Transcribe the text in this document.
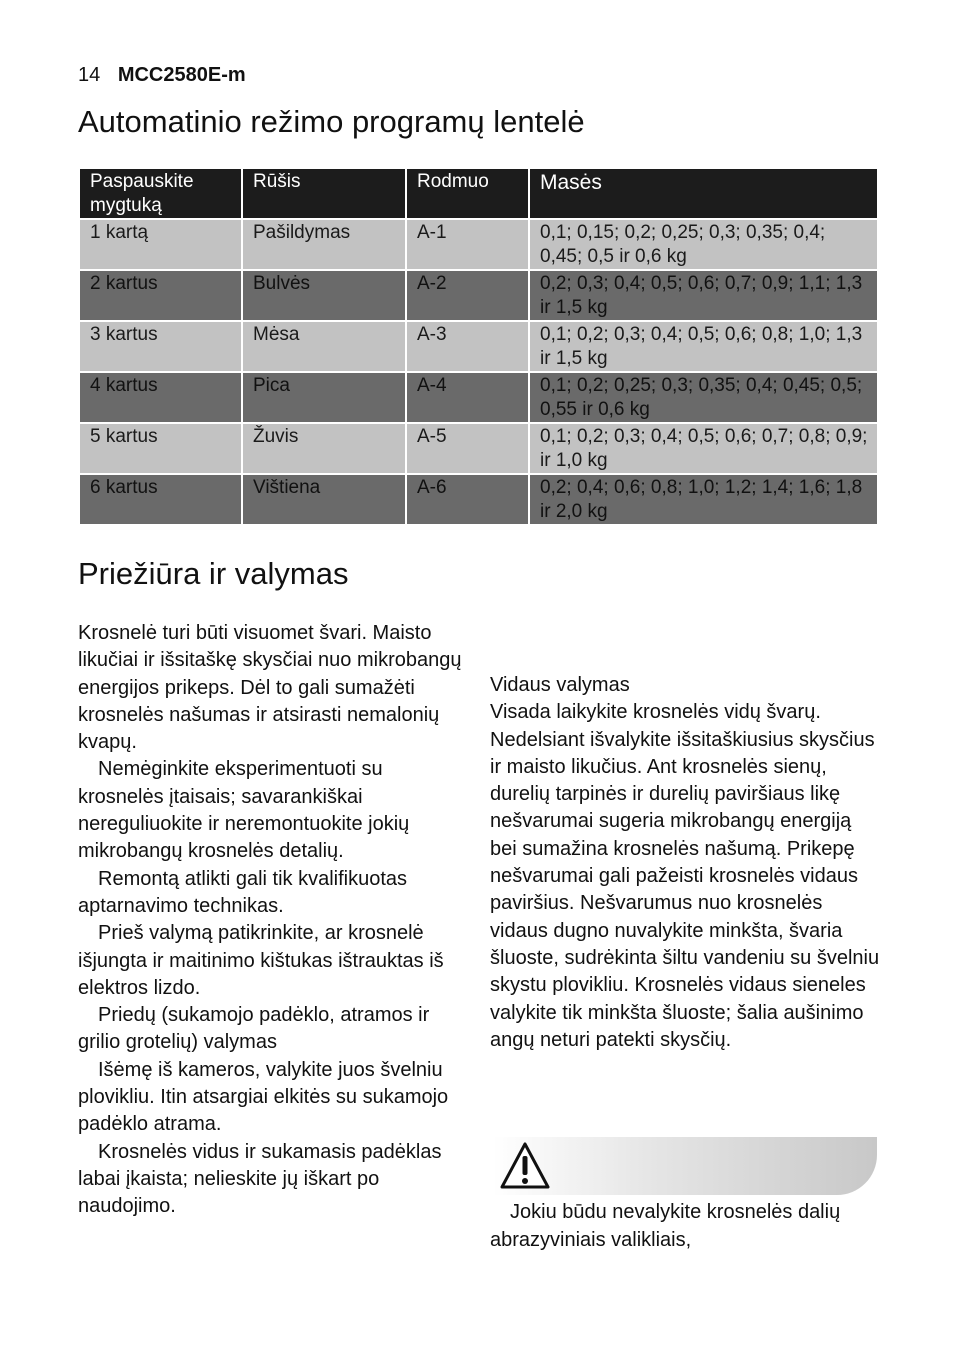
14 MCC2580E-m
Automatinio režimo programų lentelė
Paspauskite mygtuką	Rūšis	Rodmuo	Masės
1 kartą	Pašildymas	A-1	0,1; 0,15; 0,2; 0,25; 0,3; 0,35; 0,4; 0,45; 0,5 ir 0,6 kg
2 kartus	Bulvės	A-2	0,2; 0,3; 0,4; 0,5; 0,6; 0,7; 0,9; 1,1; 1,3 ir 1,5 kg
3 kartus	Mėsa	A-3	0,1; 0,2; 0,3; 0,4; 0,5; 0,6; 0,8; 1,0; 1,3 ir 1,5 kg
4 kartus	Pica	A-4	0,1; 0,2; 0,25; 0,3; 0,35; 0,4; 0,45; 0,5; 0,55 ir 0,6 kg
5 kartus	Žuvis	A-5	0,1; 0,2; 0,3; 0,4; 0,5; 0,6; 0,7; 0,8; 0,9; ir 1,0 kg
6 kartus	Vištiena	A-6	0,2; 0,4; 0,6; 0,8; 1,0; 1,2; 1,4; 1,6; 1,8 ir 2,0 kg
Priežiūra ir valymas

Krosnelė turi būti visuomet švari. Maisto likučiai ir išsitaškę skysčiai nuo mikrobangų energijos prikeps. Dėl to gali sumažėti krosnelės našumas ir atsirasti nemalonių kvapų.

Nemėginkite eksperimentuoti su krosnelės įtaisais; savarankiškai nereguliuokite ir neremontuokite jokių mikrobangų krosnelės detalių.

Remontą atlikti gali tik kvalifikuotas aptarnavimo technikas.

Prieš valymą patikrinkite, ar krosnelė išjungta ir maitinimo kištukas ištrauktas iš elektros lizdo.

Priedų (sukamojo padėklo, atramos ir grilio grotelių) valymas

Išėmę iš kameros, valykite juos švelniu plovikliu. Itin atsargiai elkitės su sukamojo padėklo atrama.

Krosnelės vidus ir sukamasis padėklas labai įkaista; nelieskite jų iškart po naudojimo.

Vidaus valymas

Visada laikykite krosnelės vidų švarų. Nedelsiant išvalykite išsitaškiusius skysčius ir maisto likučius. Ant krosnelės sienų, durelių tarpinės ir durelių paviršiaus likę nešvarumai sugeria mikrobangų energiją bei sumažina krosnelės našumą. Prikepę nešvarumai gali pažeisti krosnelės vidaus paviršius. Nešvarumus nuo krosnelės vidaus dugno nuvalykite minkšta, švaria šluoste, sudrėkinta šiltu vandeniu su švelniu skystu plovikliu. Krosnelės vidaus sieneles valykite tik minkšta šluoste; šalia aušinimo angų neturi patekti skysčių.

Jokiu būdu nevalykite krosnelės dalių abrazyviniais valikliais,
